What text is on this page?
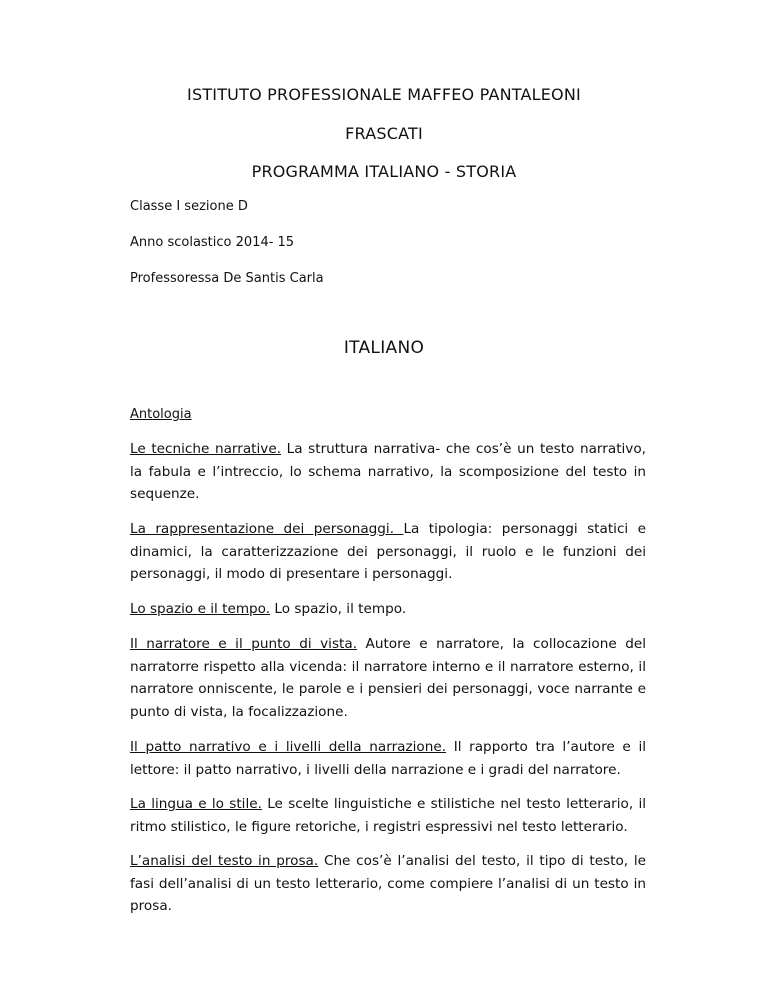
ISTITUTO PROFESSIONALE MAFFEO PANTALEONI

FRASCATI

PROGRAMMA ITALIANO - STORIA

Classe I sezione D

Anno scolastico 2014- 15

Professoressa De Santis Carla

ITALIANO

Antologia

Le tecniche narrative. La struttura narrativa- che cos’è un testo narrativo, la fabula e l’intreccio, lo schema narrativo, la scomposizione del testo in sequenze.

La rappresentazione dei personaggi. La tipologia: personaggi statici e dinamici, la caratterizzazione dei personaggi, il ruolo e le funzioni dei personaggi, il modo di presentare i personaggi.

Lo spazio e il tempo. Lo spazio, il tempo.

Il narratore e il punto di vista. Autore e narratore, la collocazione del narratorre rispetto alla vicenda: il narratore interno e il narratore esterno, il narratore onniscente, le parole e i pensieri dei personaggi, voce narrante e punto di vista, la focalizzazione.

Il patto narrativo e i livelli della narrazione. Il rapporto tra l’autore e il lettore: il patto narrativo, i livelli della narrazione e i gradi del narratore.

La lingua e lo stile. Le scelte linguistiche e stilistiche nel testo letterario, il ritmo stilistico, le figure retoriche, i registri espressivi nel testo letterario.

L’analisi del testo in prosa. Che cos’è l’analisi del testo, il tipo di testo, le fasi dell’analisi di un testo letterario, come compiere l’analisi di un testo in prosa.
